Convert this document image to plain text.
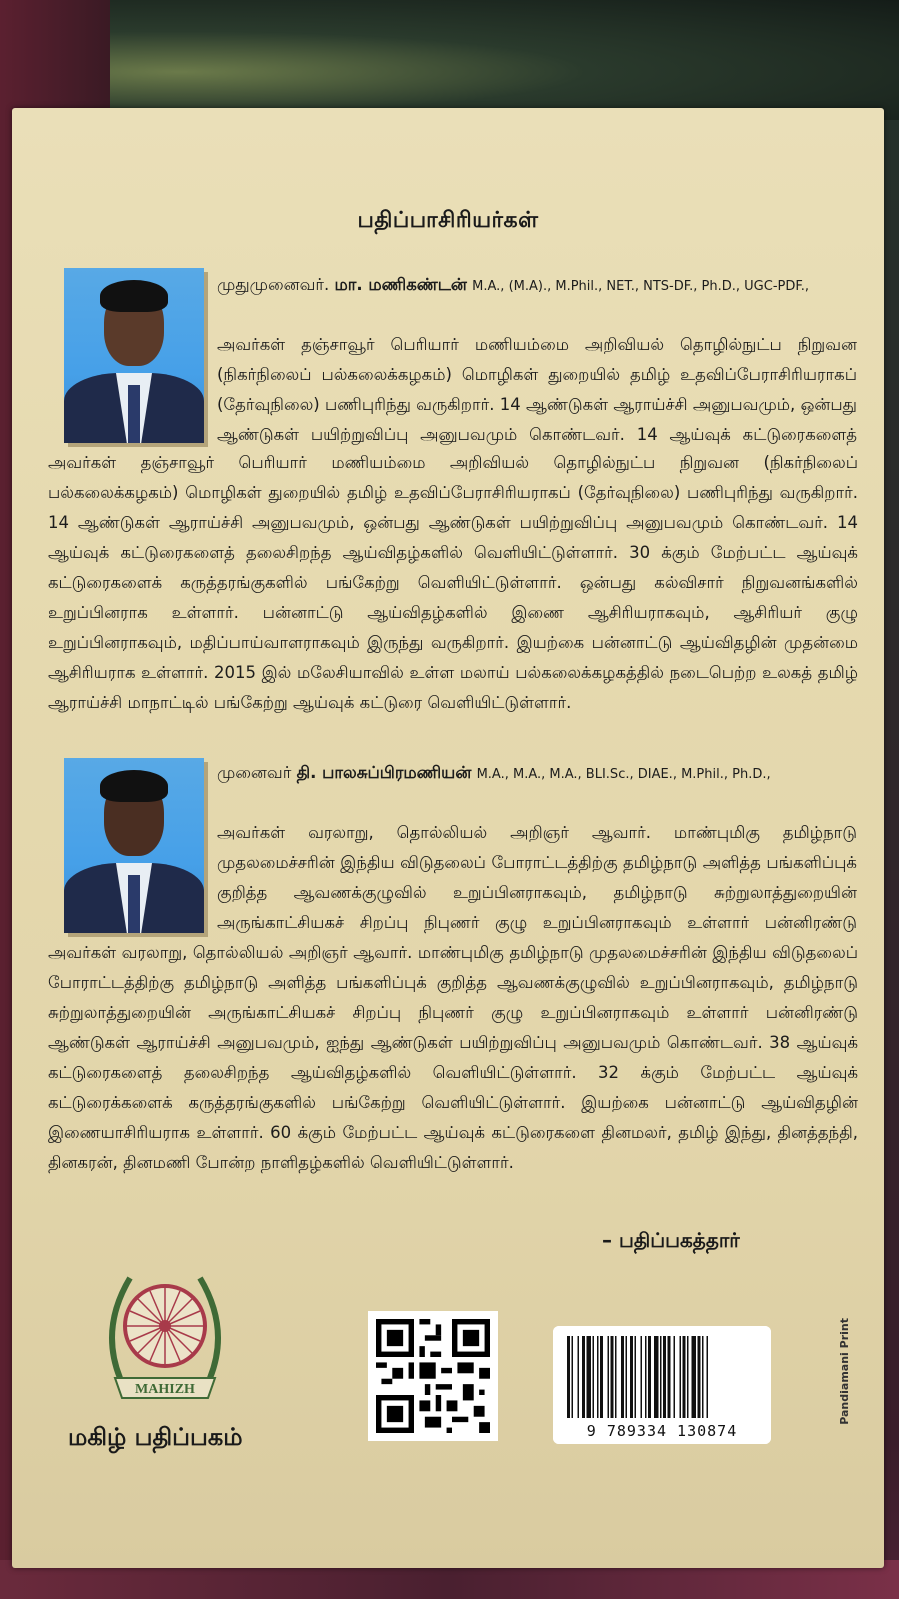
பதிப்பாசிரியர்கள்
முதுமுனைவர். மா. மணிகண்டன் M.A., (M.A)., M.Phil., NET., NTS-DF., Ph.D., UGC-PDF.,
அவர்கள் தஞ்சாவூர் பெரியார் மணியம்மை அறிவியல் தொழில்நுட்ப நிறுவன (நிகர்நிலைப் பல்கலைக்கழகம்) மொழிகள் துறையில் தமிழ் உதவிப்பேராசிரியராகப் (தேர்வுநிலை) பணிபுரிந்து வருகிறார். 14 ஆண்டுகள் ஆராய்ச்சி அனுபவமும், ஒன்பது ஆண்டுகள் பயிற்றுவிப்பு அனுபவமும் கொண்டவர். 14 ஆய்வுக் கட்டுரைகளைத்
அவர்கள் தஞ்சாவூர் பெரியார் மணியம்மை அறிவியல் தொழில்நுட்ப நிறுவன (நிகர்நிலைப் பல்கலைக்கழகம்) மொழிகள் துறையில் தமிழ் உதவிப்பேராசிரியராகப் (தேர்வுநிலை) பணிபுரிந்து வருகிறார். 14 ஆண்டுகள் ஆராய்ச்சி அனுபவமும், ஒன்பது ஆண்டுகள் பயிற்றுவிப்பு அனுபவமும் கொண்டவர். 14 ஆய்வுக் கட்டுரைகளைத் தலைசிறந்த ஆய்விதழ்களில் வெளியிட்டுள்ளார். 30 க்கும் மேற்பட்ட ஆய்வுக் கட்டுரைகளைக் கருத்தரங்குகளில் பங்கேற்று வெளியிட்டுள்ளார். ஒன்பது கல்விசார் நிறுவனங்களில் உறுப்பினராக உள்ளார். பன்னாட்டு ஆய்விதழ்களில் இணை ஆசிரியராகவும், ஆசிரியர் குழு உறுப்பினராகவும், மதிப்பாய்வாளராகவும் இருந்து வருகிறார். இயற்கை பன்னாட்டு ஆய்விதழின் முதன்மை ஆசிரியராக உள்ளார். 2015 இல் மலேசியாவில் உள்ள மலாய் பல்கலைக்கழகத்தில் நடைபெற்ற உலகத் தமிழ் ஆராய்ச்சி மாநாட்டில் பங்கேற்று ஆய்வுக் கட்டுரை வெளியிட்டுள்ளார்.
முனைவர் தி. பாலசுப்பிரமணியன் M.A., M.A., M.A., BLI.Sc., DIAE., M.Phil., Ph.D.,
அவர்கள் வரலாறு, தொல்லியல் அறிஞர் ஆவார். மாண்புமிகு தமிழ்நாடு முதலமைச்சரின் இந்திய விடுதலைப் போராட்டத்திற்கு தமிழ்நாடு அளித்த பங்களிப்புக் குறித்த ஆவணக்குழுவில் உறுப்பினராகவும், தமிழ்நாடு சுற்றுலாத்துறையின் அருங்காட்சியகச் சிறப்பு நிபுணர் குழு உறுப்பினராகவும் உள்ளார் பன்னிரண்டு
அவர்கள் வரலாறு, தொல்லியல் அறிஞர் ஆவார். மாண்புமிகு தமிழ்நாடு முதலமைச்சரின் இந்திய விடுதலைப் போராட்டத்திற்கு தமிழ்நாடு அளித்த பங்களிப்புக் குறித்த ஆவணக்குழுவில் உறுப்பினராகவும், தமிழ்நாடு சுற்றுலாத்துறையின் அருங்காட்சியகச் சிறப்பு நிபுணர் குழு உறுப்பினராகவும் உள்ளார் பன்னிரண்டு ஆண்டுகள் ஆராய்ச்சி அனுபவமும், ஐந்து ஆண்டுகள் பயிற்றுவிப்பு அனுபவமும் கொண்டவர். 38 ஆய்வுக் கட்டுரைகளைத் தலைசிறந்த ஆய்விதழ்களில் வெளியிட்டுள்ளார். 32 க்கும் மேற்பட்ட ஆய்வுக் கட்டுரைக்களைக் கருத்தரங்குகளில் பங்கேற்று வெளியிட்டுள்ளார். இயற்கை பன்னாட்டு ஆய்விதழின் இணையாசிரியராக உள்ளார். 60 க்கும் மேற்பட்ட ஆய்வுக் கட்டுரைகளை தினமலர், தமிழ் இந்து, தினத்தந்தி, தினகரன், தினமணி போன்ற நாளிதழ்களில் வெளியிட்டுள்ளார்.
– பதிப்பகத்தார்
MAHIZH
மகிழ் பதிப்பகம்	9 789334 130874
Pandiamani Print
